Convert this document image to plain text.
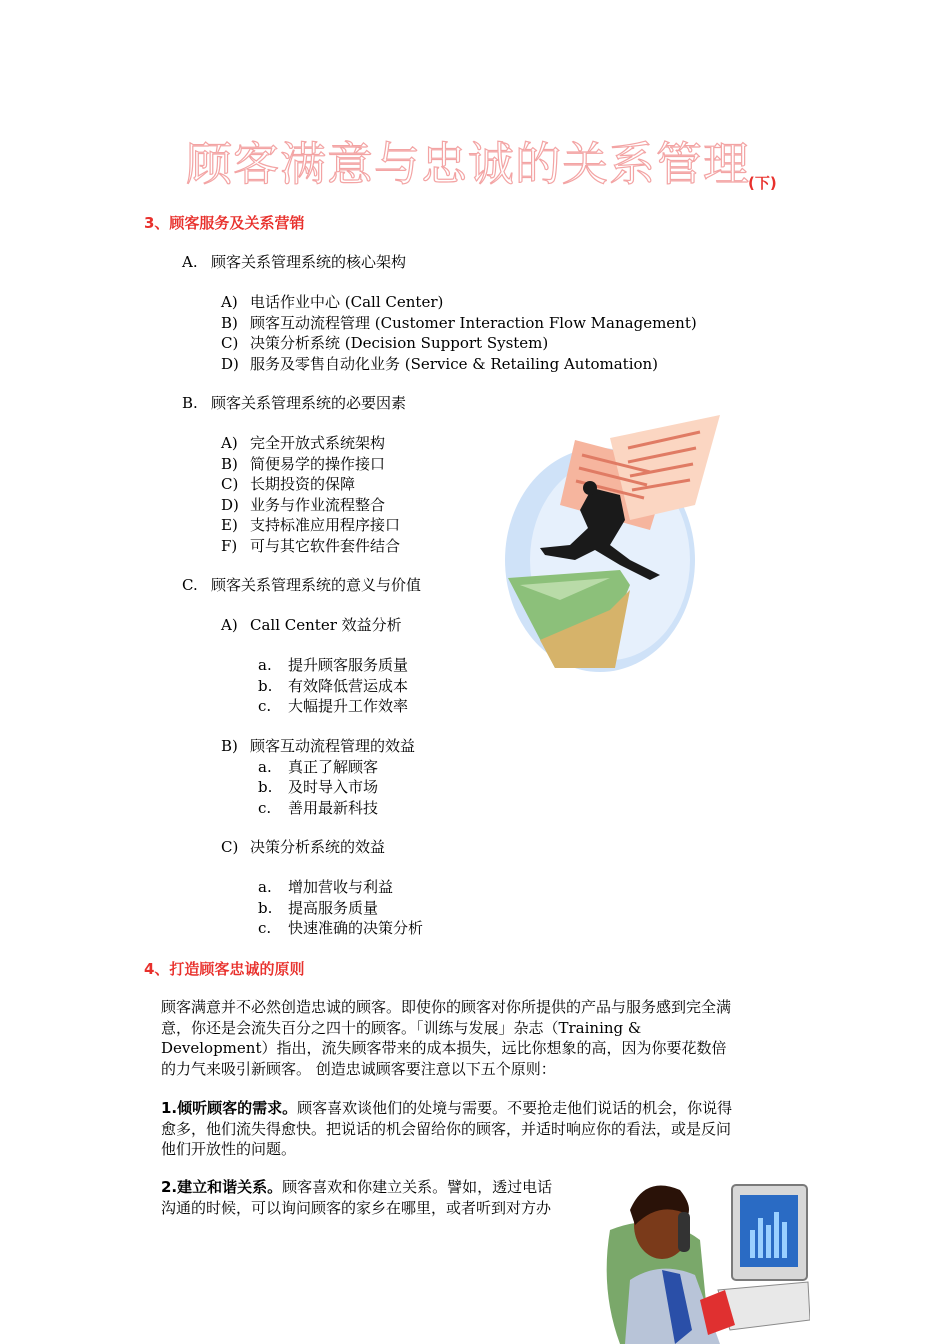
顾客满意与忠诚的关系管理
(下)
3、顾客服务及关系营销
A. 顾客关系管理系统的核心架构
A) 电话作业中心 (Call Center)
B) 顾客互动流程管理 (Customer Interaction Flow Management)
C) 决策分析系统 (Decision Support System)
D) 服务及零售自动化业务 (Service & Retailing Automation)
B. 顾客关系管理系统的必要因素
A) 完全开放式系统架构
B) 简便易学的操作接口
C) 长期投资的保障
D) 业务与作业流程整合
E) 支持标准应用程序接口
F) 可与其它软件套件结合
C. 顾客关系管理系统的意义与价值
A) Call Center 效益分析
a. 提升顾客服务质量
b. 有效降低营运成本
c. 大幅提升工作效率
B) 顾客互动流程管理的效益
a. 真正了解顾客
b. 及时导入市场
c. 善用最新科技
C) 决策分析系统的效益
a. 增加营收与利益
b. 提高服务质量
c. 快速准确的决策分析
4、打造顾客忠诚的原则
顾客满意并不必然创造忠诚的顾客。即使你的顾客对你所提供的产品与服务感到完全满
意，你还是会流失百分之四十的顾客。「训练与发展」杂志（Training &
Development）指出，流失顾客带来的成本损失，远比你想象的高，因为你要花数倍
的力气来吸引新顾客。 创造忠诚顾客要注意以下五个原则：
1.倾听顾客的需求。顾客喜欢谈他们的处境与需要。不要抢走他们说话的机会，你说得
愈多，他们流失得愈快。把说话的机会留给你的顾客，并适时响应你的看法，或是反问
他们开放性的问题。
2.建立和谐关系。顾客喜欢和你建立关系。譬如，透过电话
沟通的时候，可以询问顾客的家乡在哪里，或者听到对方办
